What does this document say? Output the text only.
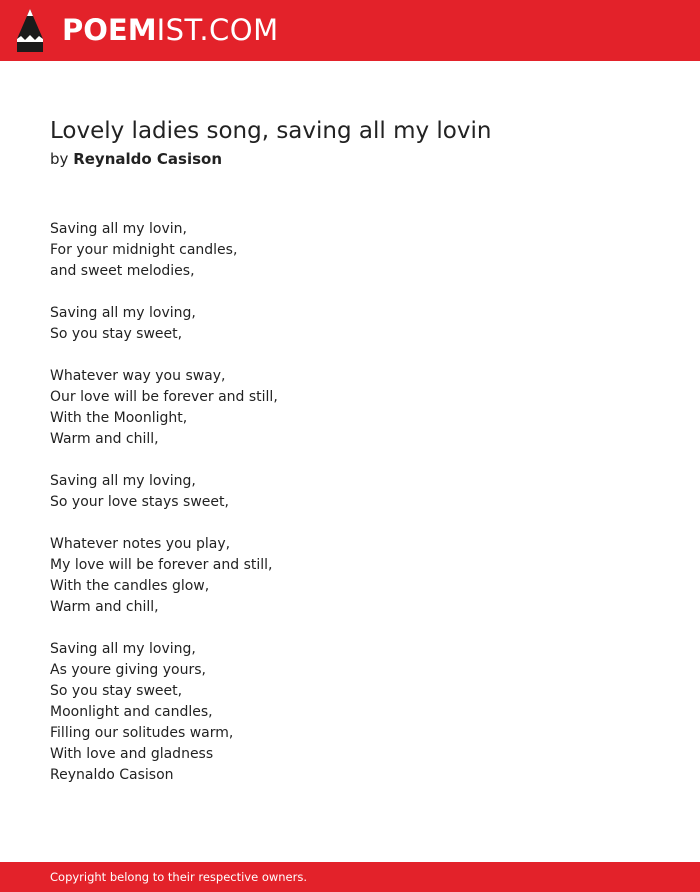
POEMIST.COM
Lovely ladies song, saving all my lovin
by Reynaldo Casison
Saving all my lovin,
For your midnight candles,
and sweet melodies,
Saving all my loving,
So you stay sweet,
Whatever way you sway,
Our love will be forever and still,
With the Moonlight,
Warm and chill,
Saving all my loving,
So your love stays sweet,
Whatever notes you play,
My love will be forever and still,
With the candles glow,
Warm and chill,
Saving all my loving,
As youre giving yours,
So you stay sweet,
Moonlight and candles,
Filling our solitudes warm,
With love and gladness
Reynaldo Casison
Copyright belong to their respective owners.
